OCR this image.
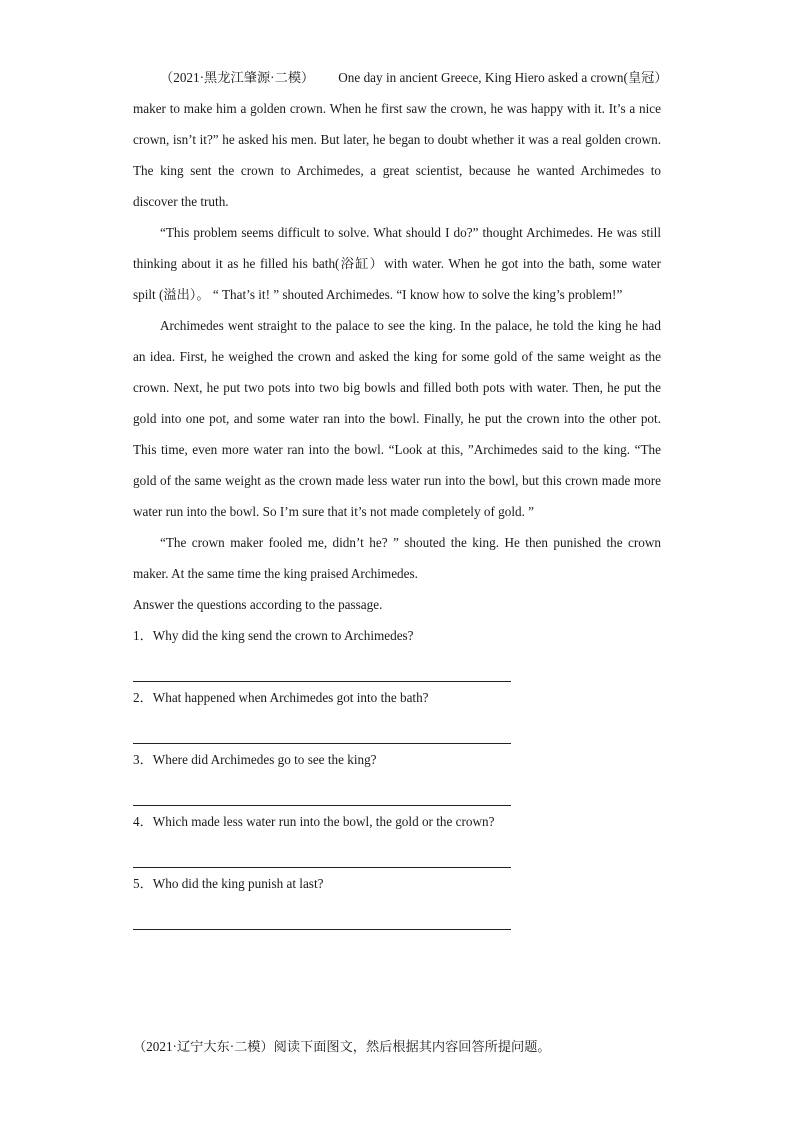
（2021·黑龙江肇源·二模） One day in ancient Greece, King Hiero asked a crown(皇冠）maker to make him a golden crown. When he first saw the crown, he was happy with it. It’s a nice crown, isn’t it?” he asked his men. But later, he began to doubt whether it was a real golden crown. The king sent the crown to Archimedes, a great scientist, because he wanted Archimedes to discover the truth.

“This problem seems difficult to solve. What should I do?” thought Archimedes. He was still thinking about it as he filled his bath(浴缸）with water. When he got into the bath, some water spilt (溢出）。 “ That’s it! ” shouted Archimedes. “I know how to solve the king’s problem!”

Archimedes went straight to the palace to see the king. In the palace, he told the king he had an idea. First, he weighed the crown and asked the king for some gold of the same weight as the crown. Next, he put two pots into two big bowls and filled both pots with water. Then, he put the gold into one pot, and some water ran into the bowl. Finally, he put the crown into the other pot. This time, even more water ran into the bowl. “Look at this, ”Archimedes said to the king. “The gold of the same weight as the crown made less water run into the bowl, but this crown made more water run into the bowl. So I’m sure that it’s not made completely of gold. ”

“The crown maker fooled me, didn’t he? ” shouted the king. He then punished the crown maker. At the same time the king praised Archimedes.

Answer the questions according to the passage.

1．Why did the king send the crown to Archimedes?

2．What happened when Archimedes got into the bath?

3．Where did Archimedes go to see the king?

4．Which made less water run into the bowl, the gold or the crown?

5．Who did the king punish at last?

（2021·辽宁大东·二模）阅读下面图文，然后根据其内容回答所提问题。
